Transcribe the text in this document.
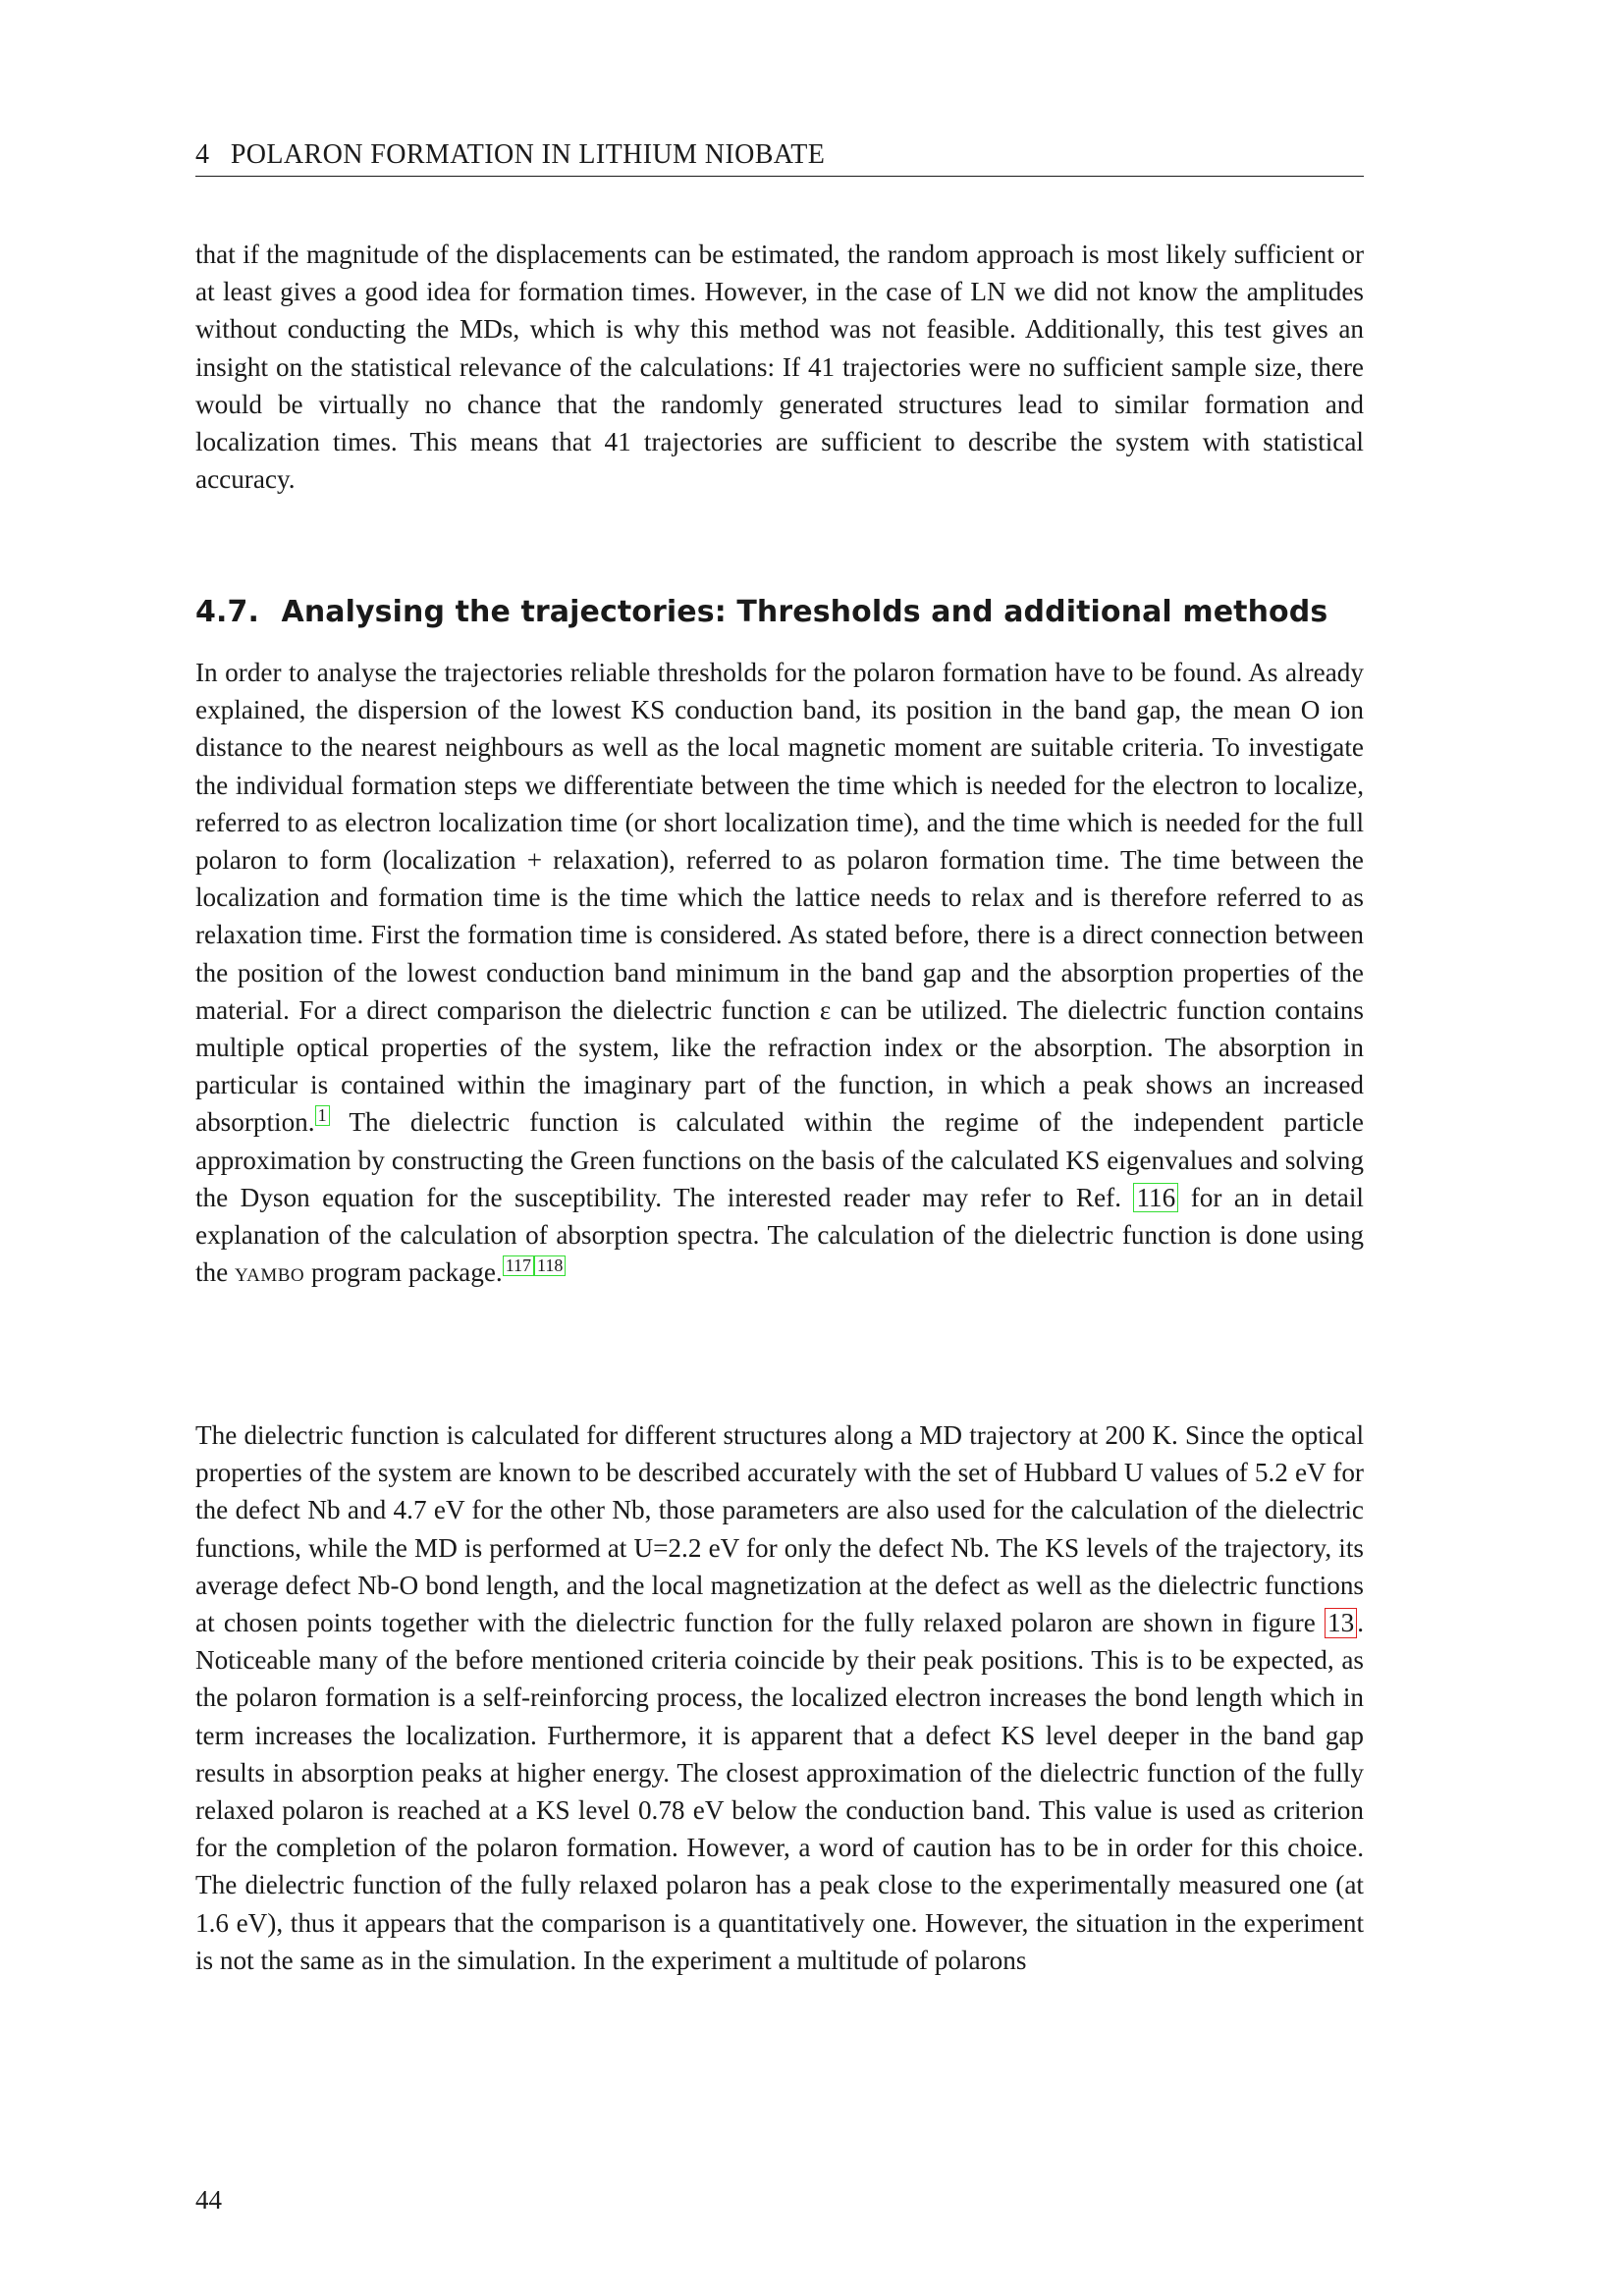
4 POLARON FORMATION IN LITHIUM NIOBATE

that if the magnitude of the displacements can be estimated, the random approach is most likely sufficient or at least gives a good idea for formation times. However, in the case of LN we did not know the amplitudes without conducting the MDs, which is why this method was not feasible. Additionally, this test gives an insight on the statistical relevance of the calculations: If 41 trajectories were no sufficient sample size, there would be virtually no chance that the randomly generated structures lead to similar formation and localization times. This means that 41 trajectories are sufficient to describe the system with statistical accuracy.

4.7. Analysing the trajectories: Thresholds and additional methods

In order to analyse the trajectories reliable thresholds for the polaron formation have to be found. As already explained, the dispersion of the lowest KS conduction band, its position in the band gap, the mean O ion distance to the nearest neighbours as well as the local magnetic moment are suitable criteria. To investigate the individual formation steps we differentiate between the time which is needed for the electron to localize, referred to as electron localization time (or short localization time), and the time which is needed for the full polaron to form (localization + relaxation), referred to as polaron formation time. The time between the localization and formation time is the time which the lattice needs to relax and is therefore referred to as relaxation time. First the formation time is considered. As stated before, there is a direct connection between the position of the lowest conduction band minimum in the band gap and the absorption properties of the material. For a direct comparison the dielectric function ε can be utilized. The dielectric function contains multiple optical properties of the system, like the refraction index or the absorption. The absorption in particular is contained within the imaginary part of the function, in which a peak shows an increased absorption. $^1$ The dielectric function is calculated within the regime of the independent particle approximation by constructing the Green functions on the basis of the calculated KS eigenvalues and solving the Dyson equation for the susceptibility. The interested reader may refer to Ref. 116 for an in detail explanation of the calculation of absorption spectra. The calculation of the dielectric function is done using the yambo program package. $^{117 118}$

The dielectric function is calculated for different structures along a MD trajectory at 200 K. Since the optical properties of the system are known to be described accurately with the set of Hubbard U values of 5.2 eV for the defect Nb and 4.7 eV for the other Nb, those parameters are also used for the calculation of the dielectric functions, while the MD is performed at U=2.2 eV for only the defect Nb. The KS levels of the trajectory, its average defect Nb-O bond length, and the local magnetization at the defect as well as the dielectric functions at chosen points together with the dielectric function for the fully relaxed polaron are shown in figure 13 . Noticeable many of the before mentioned criteria coincide by their peak positions. This is to be expected, as the polaron formation is a self-reinforcing process, the localized electron increases the bond length which in term increases the localization. Furthermore, it is apparent that a defect KS level deeper in the band gap results in absorption peaks at higher energy. The closest approximation of the dielectric function of the fully relaxed polaron is reached at a KS level 0.78 eV below the conduction band. This value is used as criterion for the completion of the polaron formation. However, a word of caution has to be in order for this choice. The dielectric function of the fully relaxed polaron has a peak close to the experimentally measured one (at 1.6 eV), thus it appears that the comparison is a quantitatively one. However, the situation in the experiment is not the same as in the simulation. In the experiment a multitude of polarons

44
